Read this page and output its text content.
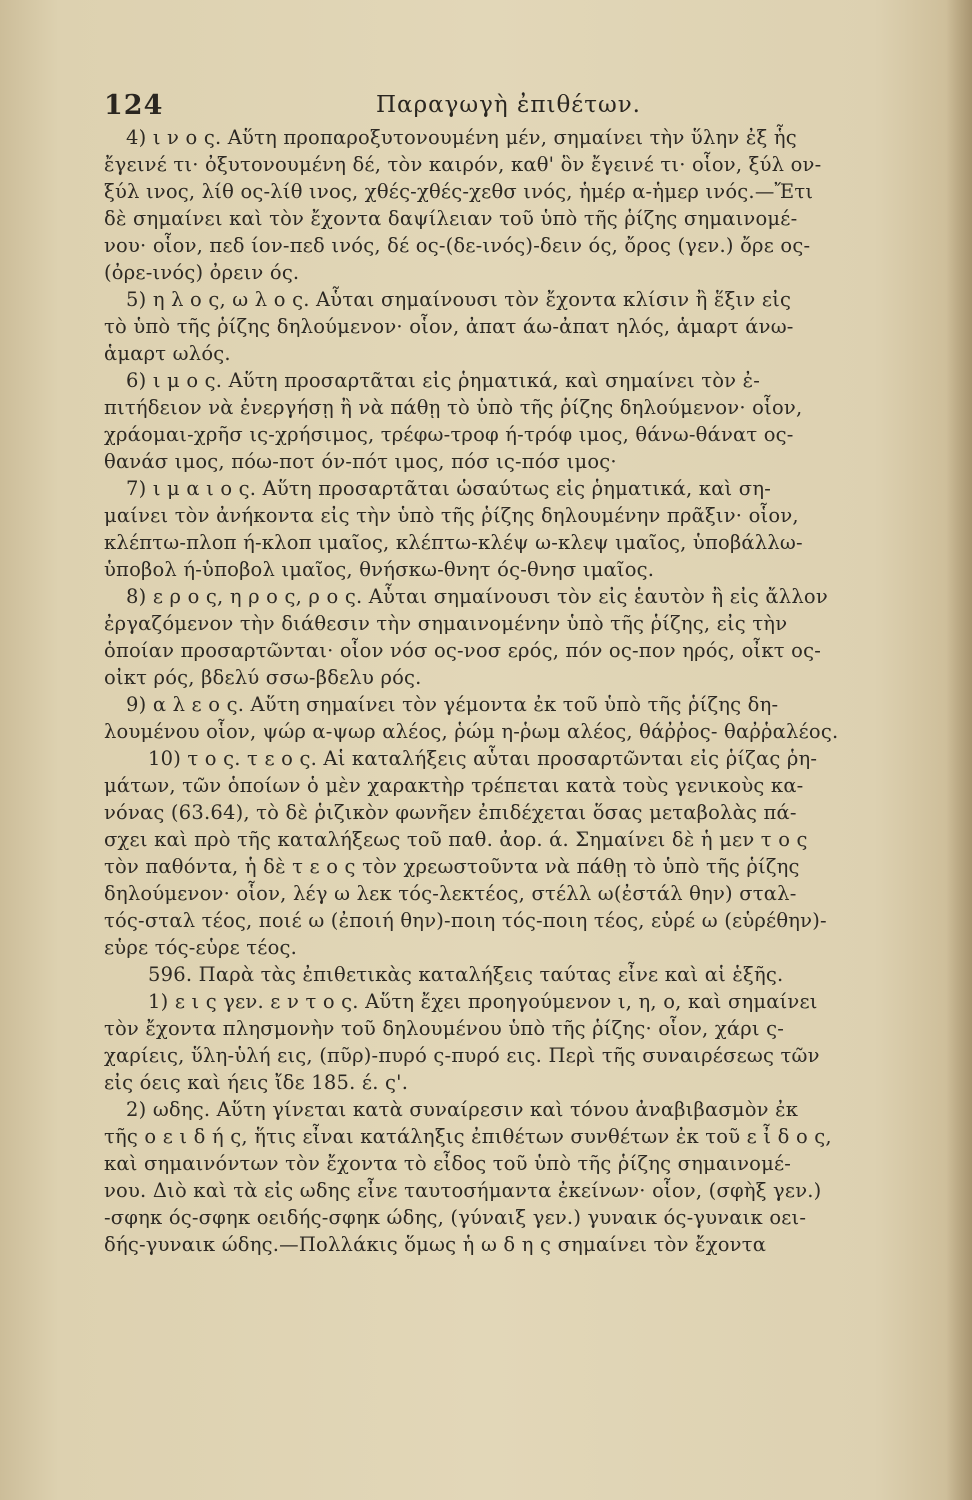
124	Παραγωγὴ ἐπιθέτων.
4) ι ν ο ς. Αὕτη προπαροξυτονουμένη μέν, σημαίνει τὴν ὕλην ἐξ ἧς
ἔγεινέ τι· ὀξυτονουμένη δέ, τὸν καιρόν, καθ' ὃν ἔγεινέ τι· οἷον, ξύλ ον-
ξύλ ινος, λίθ ος-λίθ ινος, χθές-χθές-χεθσ ινός, ἡμέρ α-ἡμερ ινός.—Ἔτι
δὲ σημαίνει καὶ τὸν ἔχοντα δαψίλειαν τοῦ ὑπὸ τῆς ῥίζης σημαινομέ-
νου· οἷον, πεδ ίον-πεδ ινός, δέ ος-(δε-ινός)-δειν ός, ὄρος (γεν.) ὄρε ος-
(ὀρε-ινός) ὀρειν ός.
5) η λ ο ς, ω λ ο ς. Αὗται σημαίνουσι τὸν ἔχοντα κλίσιν ἢ ἕξιν εἰς
τὸ ὑπὸ τῆς ῥίζης δηλούμενον· οἷον, ἀπατ άω-ἀπατ ηλός, ἁμαρτ άνω-
ἁμαρτ ωλός.
6) ι μ ο ς. Αὕτη προσαρτᾶται εἰς ῥηματικά, καὶ σημαίνει τὸν ἐ-
πιτήδειον νὰ ἐνεργήσῃ ἢ νὰ πάθῃ τὸ ὑπὸ τῆς ῥίζης δηλούμενον· οἷον,
χράομαι-χρῆσ ις-χρήσιμος, τρέφω-τροφ ή-τρόφ ιμος, θάνω-θάνατ ος-
θανάσ ιμος, πόω-ποτ όν-πότ ιμος, πόσ ις-πόσ ιμος·
7) ι μ α ι ο ς. Αὕτη προσαρτᾶται ὡσαύτως εἰς ῥηματικά, καὶ ση-
μαίνει τὸν ἀνήκοντα εἰς τὴν ὑπὸ τῆς ῥίζης δηλουμένην πρᾶξιν· οἷον,
κλέπτω-πλοπ ή-κλοπ ιμαῖος, κλέπτω-κλέψ ω-κλεψ ιμαῖος, ὑποβάλλω-
ὑποβολ ή-ὑποβολ ιμαῖος, θνήσκω-θνητ ός-θνησ ιμαῖος.
8) ε ρ ο ς, η ρ ο ς, ρ ο ς. Αὗται σημαίνουσι τὸν εἰς ἑαυτὸν ἢ εἰς ἄλλον
ἐργαζόμενον τὴν διάθεσιν τὴν σημαινομένην ὑπὸ τῆς ῥίζης, εἰς τὴν
ὁποίαν προσαρτῶνται· οἷον νόσ ος-νοσ ερός, πόν ος-πον ηρός, οἶκτ ος-
οἰκτ ρός, βδελύ σσω-βδελυ ρός.
9) α λ ε ο ς. Αὕτη σημαίνει τὸν γέμοντα ἐκ τοῦ ὑπὸ τῆς ῥίζης δη-
λουμένου οἷον, ψώρ α-ψωρ αλέος, ῥώμ η-ῥωμ αλέος, θάῤῥος- θαῤῥαλέος.
10) τ ο ς. τ ε ο ς. Αἱ καταλήξεις αὗται προσαρτῶνται εἰς ῥίζας ῥη-
μάτων, τῶν ὁποίων ὁ μὲν χαρακτὴρ τρέπεται κατὰ τοὺς γενικοὺς κα-
νόνας (63.64), τὸ δὲ ῥιζικὸν φωνῆεν ἐπιδέχεται ὅσας μεταβολὰς πά-
σχει καὶ πρὸ τῆς καταλήξεως τοῦ παθ. ἀορ. ά. Σημαίνει δὲ ἡ μεν τ ο ς
τὸν παθόντα, ἡ δὲ τ ε ο ς τὸν χρεωστοῦντα νὰ πάθῃ τὸ ὑπὸ τῆς ῥίζης
δηλούμενον· οἷον, λέγ ω λεκ τός-λεκτέος, στέλλ ω(ἐστάλ θην) σταλ-
τός-σταλ τέος, ποιέ ω (ἐποιή θην)-ποιη τός-ποιη τέος, εὑρέ ω (εὑρέθην)-
εὑρε τός-εὑρε τέος.
596. Παρὰ τὰς ἐπιθετικὰς καταλήξεις ταύτας εἶνε καὶ αἱ ἑξῆς.
1) ε ι ς γεν. ε ν τ ο ς. Αὕτη ἔχει προηγούμενον ι, η, ο, καὶ σημαίνει
τὸν ἔχοντα πλησμονὴν τοῦ δηλουμένου ὑπὸ τῆς ῥίζης· οἷον, χάρι ς-
χαρίεις, ὕλη-ὑλή εις, (πῦρ)-πυρό ς-πυρό εις. Περὶ τῆς συναιρέσεως τῶν
εἰς όεις καὶ ήεις ἴδε 185. έ. ς'.
2) ωδης. Αὕτη γίνεται κατὰ συναίρεσιν καὶ τόνου ἀναβιβασμὸν ἐκ
τῆς ο ε ι δ ή ς, ἥτις εἶναι κατάληξις ἐπιθέτων συνθέτων ἐκ τοῦ ε ἶ δ ο ς,
καὶ σημαινόντων τὸν ἔχοντα τὸ εἶδος τοῦ ὑπὸ τῆς ῥίζης σημαινομέ-
νου. Διὸ καὶ τὰ εἰς ωδης εἶνε ταυτοσήμαντα ἐκείνων· οἷον, (σφὴξ γεν.)
-σφηκ ός-σφηκ οειδής-σφηκ ώδης, (γύναιξ γεν.) γυναικ ός-γυναικ οει-
δής-γυναικ ώδης.—Πολλάκις ὅμως ἡ ω δ η ς σημαίνει τὸν ἔχοντα
